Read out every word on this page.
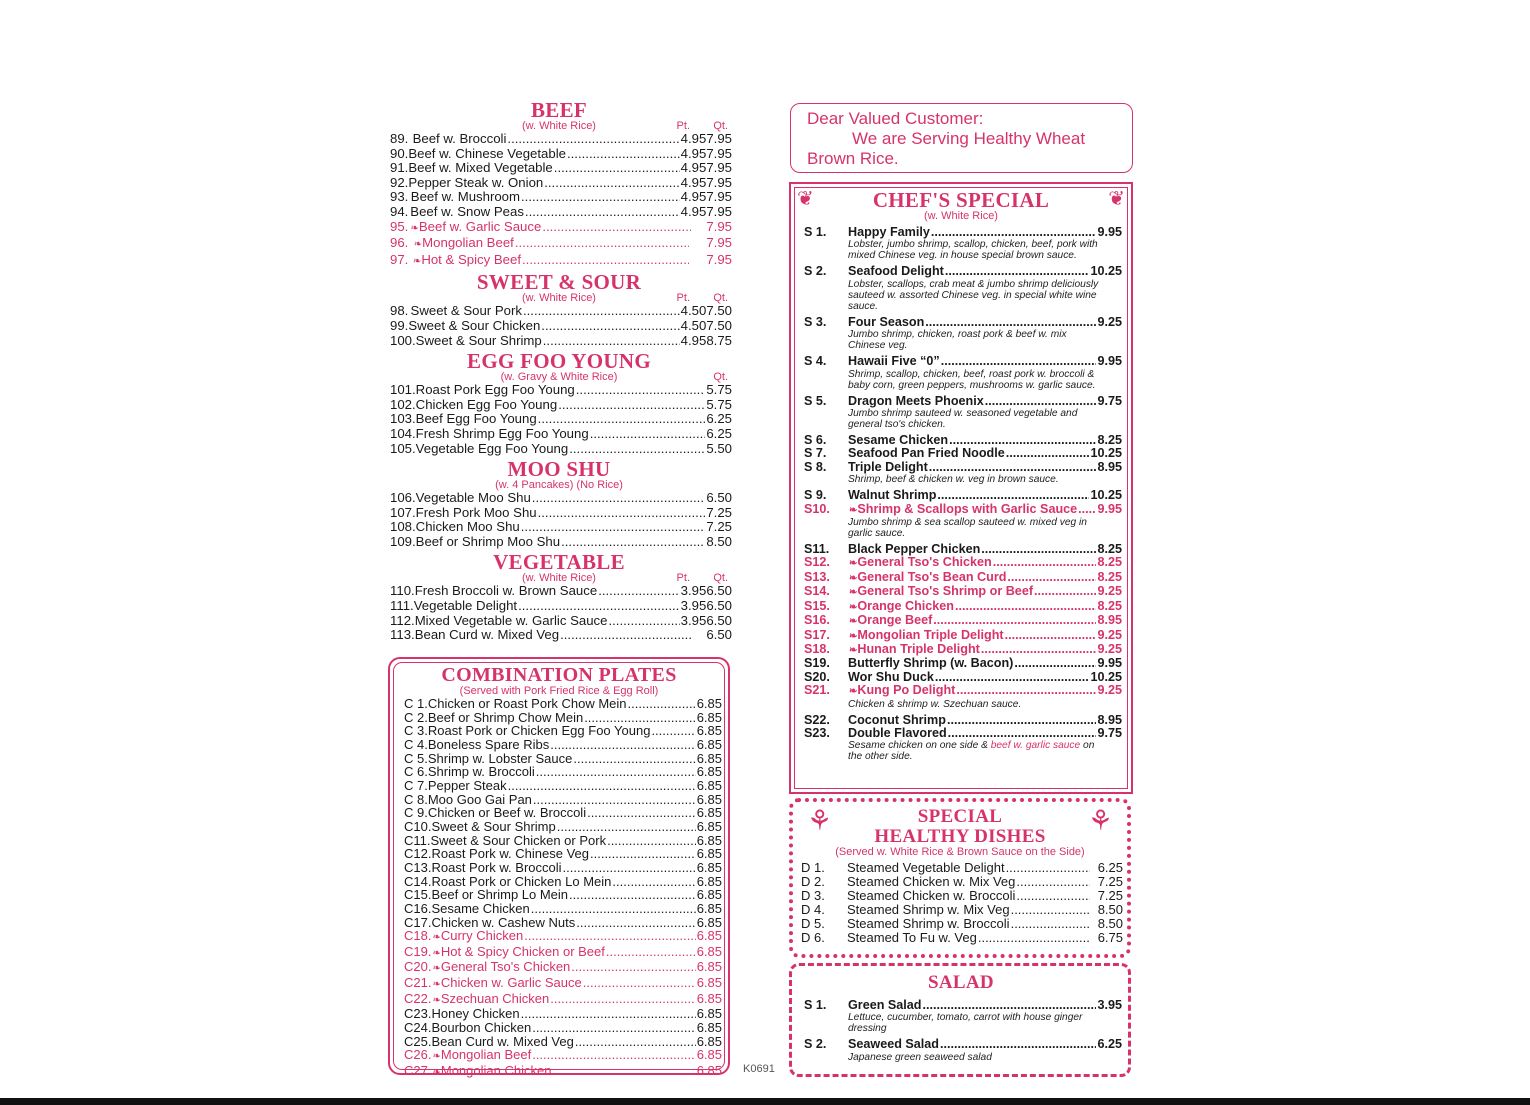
BEEF
(w. White Rice)	Pt. Qt.
89. Beef w. Broccoli .....	4.95 7.95
90. Beef w. Chinese Vegetable .....	4.95 7.95
91. Beef w. Mixed Vegetable .....	4.95 7.95
92. Pepper Steak w. Onion .....	4.95 7.95
93. Beef w. Mushroom .....	4.95 7.95
94. Beef w. Snow Peas .....	4.95 7.95
95. ❧ Beef w. Garlic Sauce .....	7.95
96. ❧ Mongolian Beef .....	7.95
97. ❧ Hot & Spicy Beef .....	7.95
SWEET & SOUR
(w. White Rice)	Pt. Qt.
98. Sweet & Sour Pork .....	4.50 7.50
99. Sweet & Sour Chicken .....	4.50 7.50
100. Sweet & Sour Shrimp .....	4.95 8.75
EGG FOO YOUNG
(w. Gravy & White Rice)	Qt.
101. Roast Pork Egg Foo Young .....	5.75
102. Chicken Egg Foo Young .....	5.75
103. Beef Egg Foo Young .....	6.25
104. Fresh Shrimp Egg Foo Young .....	6.25
105. Vegetable Egg Foo Young .....	5.50
MOO SHU
(w. 4 Pancakes) (No Rice)
106. Vegetable Moo Shu .....	6.50
107. Fresh Pork Moo Shu .....	7.25
108. Chicken Moo Shu .....	7.25
109. Beef or Shrimp Moo Shu .....	8.50
VEGETABLE
(w. White Rice)	Pt. Qt.
110. Fresh Broccoli w. Brown Sauce .....	3.95 6.50
111. Vegetable Delight .....	3.95 6.50
112. Mixed Vegetable w. Garlic Sauce .....	3.95 6.50
113. Bean Curd w. Mixed Veg .....	6.50
COMBINATION PLATES
(Served with Pork Fried Rice & Egg Roll)
C 1. Chicken or Roast Pork Chow Mein .....	6.85
C 2. Beef or Shrimp Chow Mein .....	6.85
C 3. Roast Pork or Chicken Egg Foo Young .....	6.85
C 4. Boneless Spare Ribs .....	6.85
C 5. Shrimp w. Lobster Sauce .....	6.85
C 6. Shrimp w. Broccoli .....	6.85
C 7. Pepper Steak .....	6.85
C 8. Moo Goo Gai Pan .....	6.85
C 9. Chicken or Beef w. Broccoli .....	6.85
C10. Sweet & Sour Shrimp .....	6.85
C11. Sweet & Sour Chicken or Pork .....	6.85
C12. Roast Pork w. Chinese Veg .....	6.85
C13. Roast Pork w. Broccoli .....	6.85
C14. Roast Pork or Chicken Lo Mein .....	6.85
C15. Beef or Shrimp Lo Mein .....	6.85
C16. Sesame Chicken .....	6.85
C17. Chicken w. Cashew Nuts .....	6.85
C18. ❧ Curry Chicken .....	6.85
C19. ❧ Hot & Spicy Chicken or Beef .....	6.85
C20. ❧ General Tso's Chicken .....	6.85
C21. ❧ Chicken w. Garlic Sauce .....	6.85
C22. ❧ Szechuan Chicken .....	6.85
C23. Honey Chicken .....	6.85
C24. Bourbon Chicken .....	6.85
C25. Bean Curd w. Mixed Veg .....	6.85
C26. ❧ Mongolian Beef .....	6.85
C27. ❧ Mongolian Chicken .....	6.85
Dear Valued Customer:
We are Serving Healthy Wheat
Brown Rice.
❦	❦
CHEF'S SPECIAL
(w. White Rice)
S 1.	Happy Family .....	9.95
Lobster, jumbo shrimp, scallop, chicken, beef, pork with mixed Chinese veg. in house special brown sauce.
S 2.	Seafood Delight .....	10.25
Lobster, scallops, crab meat & jumbo shrimp deliciously sauteed w. assorted Chinese veg. in special white wine sauce.
S 3.	Four Season .....	9.25
Jumbo shrimp, chicken, roast pork & beef w. mix Chinese veg.
S 4.	Hawaii Five “0” .....	9.95
Shrimp, scallop, chicken, beef, roast pork w. broccoli & baby corn, green peppers, mushrooms w. garlic sauce.
S 5.	Dragon Meets Phoenix .....	9.75
Jumbo shrimp sauteed w. seasoned vegetable and general tso's chicken.
S 6.	Sesame Chicken .....	8.25
S 7.	Seafood Pan Fried Noodle .....	10.25
S 8.	Triple Delight .....	8.95
Shrimp, beef & chicken w. veg in brown sauce.
S 9.	Walnut Shrimp .....	10.25
S10.	❧ Shrimp & Scallops with Garlic Sauce ..... 9.95
Jumbo shrimp & sea scallop sauteed w. mixed veg in garlic sauce.
S11.	Black Pepper Chicken .....	8.25
S12.	❧ General Tso's Chicken .....	8.25
S13.	❧ General Tso's Bean Curd .....	8.25
S14.	❧ General Tso's Shrimp or Beef .....	9.25
S15.	❧ Orange Chicken .....	8.25
S16.	❧ Orange Beef .....	8.95
S17.	❧ Mongolian Triple Delight .....	9.25
S18.	❧ Hunan Triple Delight .....	9.25
S19.	Butterfly Shrimp (w. Bacon) .....	9.95
S20.	Wor Shu Duck .....	10.25
S21.	❧ Kung Po Delight .....	9.25
Chicken & shrimp w. Szechuan sauce.
S22.	Coconut Shrimp .....	8.95
S23.	Double Flavored .....	9.75
Sesame chicken on one side & beef w. garlic sauce on the other side.
⚘	⚘
SPECIAL
HEALTHY DISHES
(Served w. White Rice & Brown Sauce on the Side)
D 1.	Steamed Vegetable Delight .....	6.25
D 2.	Steamed Chicken w. Mix Veg .....	7.25
D 3.	Steamed Chicken w. Broccoli .....	7.25
D 4.	Steamed Shrimp w. Mix Veg .....	8.50
D 5.	Steamed Shrimp w. Broccoli .....	8.50
D 6.	Steamed To Fu w. Veg .....	6.75
SALAD
S 1.	Green Salad .....	3.95
Lettuce, cucumber, tomato, carrot with house ginger dressing
S 2.	Seaweed Salad .....	6.25
Japanese green seaweed salad
K0691
